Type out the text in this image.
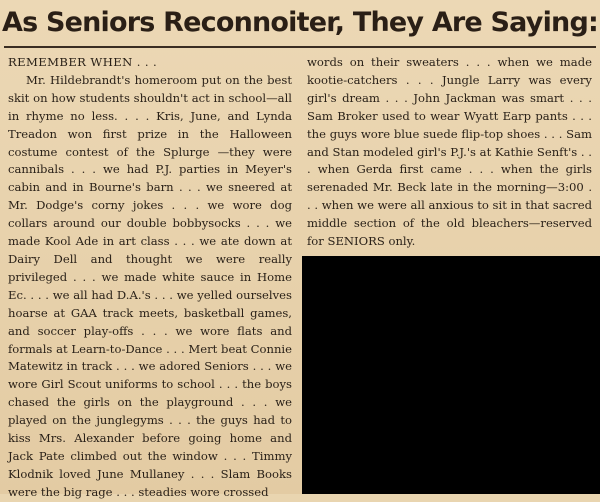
As Seniors Reconnoiter, They Are Saying:

REMEMBER WHEN . . .

Mr. Hildebrandt's homeroom put on the best skit on how students shouldn't act in school—all in rhyme no less. . . . Kris, June, and Lynda Treadon won first prize in the Halloween costume contest of the Splurge —they were cannibals . . . we had P.J. parties in Meyer's cabin and in Bourne's barn . . . we sneered at Mr. Dodge's corny jokes . . . we wore dog collars around our double bobbysocks . . . we made Kool Ade in art class . . . we ate down at Dairy Dell and thought we were really privileged . . . we made white sauce in Home Ec. . . . we all had D.A.'s . . . we yelled ourselves hoarse at GAA track meets, basketball games, and soccer play-offs . . . we wore flats and formals at Learn-to-Dance . . . Mert beat Connie Matewitz in track . . . we adored Seniors . . . we wore Girl Scout uniforms to school . . . the boys chased the girls on the playground . . . we played on the junglegyms . . . the guys had to kiss Mrs. Alexander before going home and Jack Pate climbed out the window . . . Timmy Klodnik loved June Mullaney . . . Slam Books were the big rage . . . steadies wore crossed

words on their sweaters . . . when we made kootie-catchers . . . Jungle Larry was every girl's dream . . . John Jackman was smart . . . Sam Broker used to wear Wyatt Earp pants . . . the guys wore blue suede flip-top shoes . . . Sam and Stan modeled girl's P.J.'s at Kathie Senft's . . . when Gerda first came . . . when the girls serenaded Mr. Beck late in the morning—3:00 . . . when we were all anxious to sit in that sacred middle section of the old bleachers—reserved for SENIORS only.
